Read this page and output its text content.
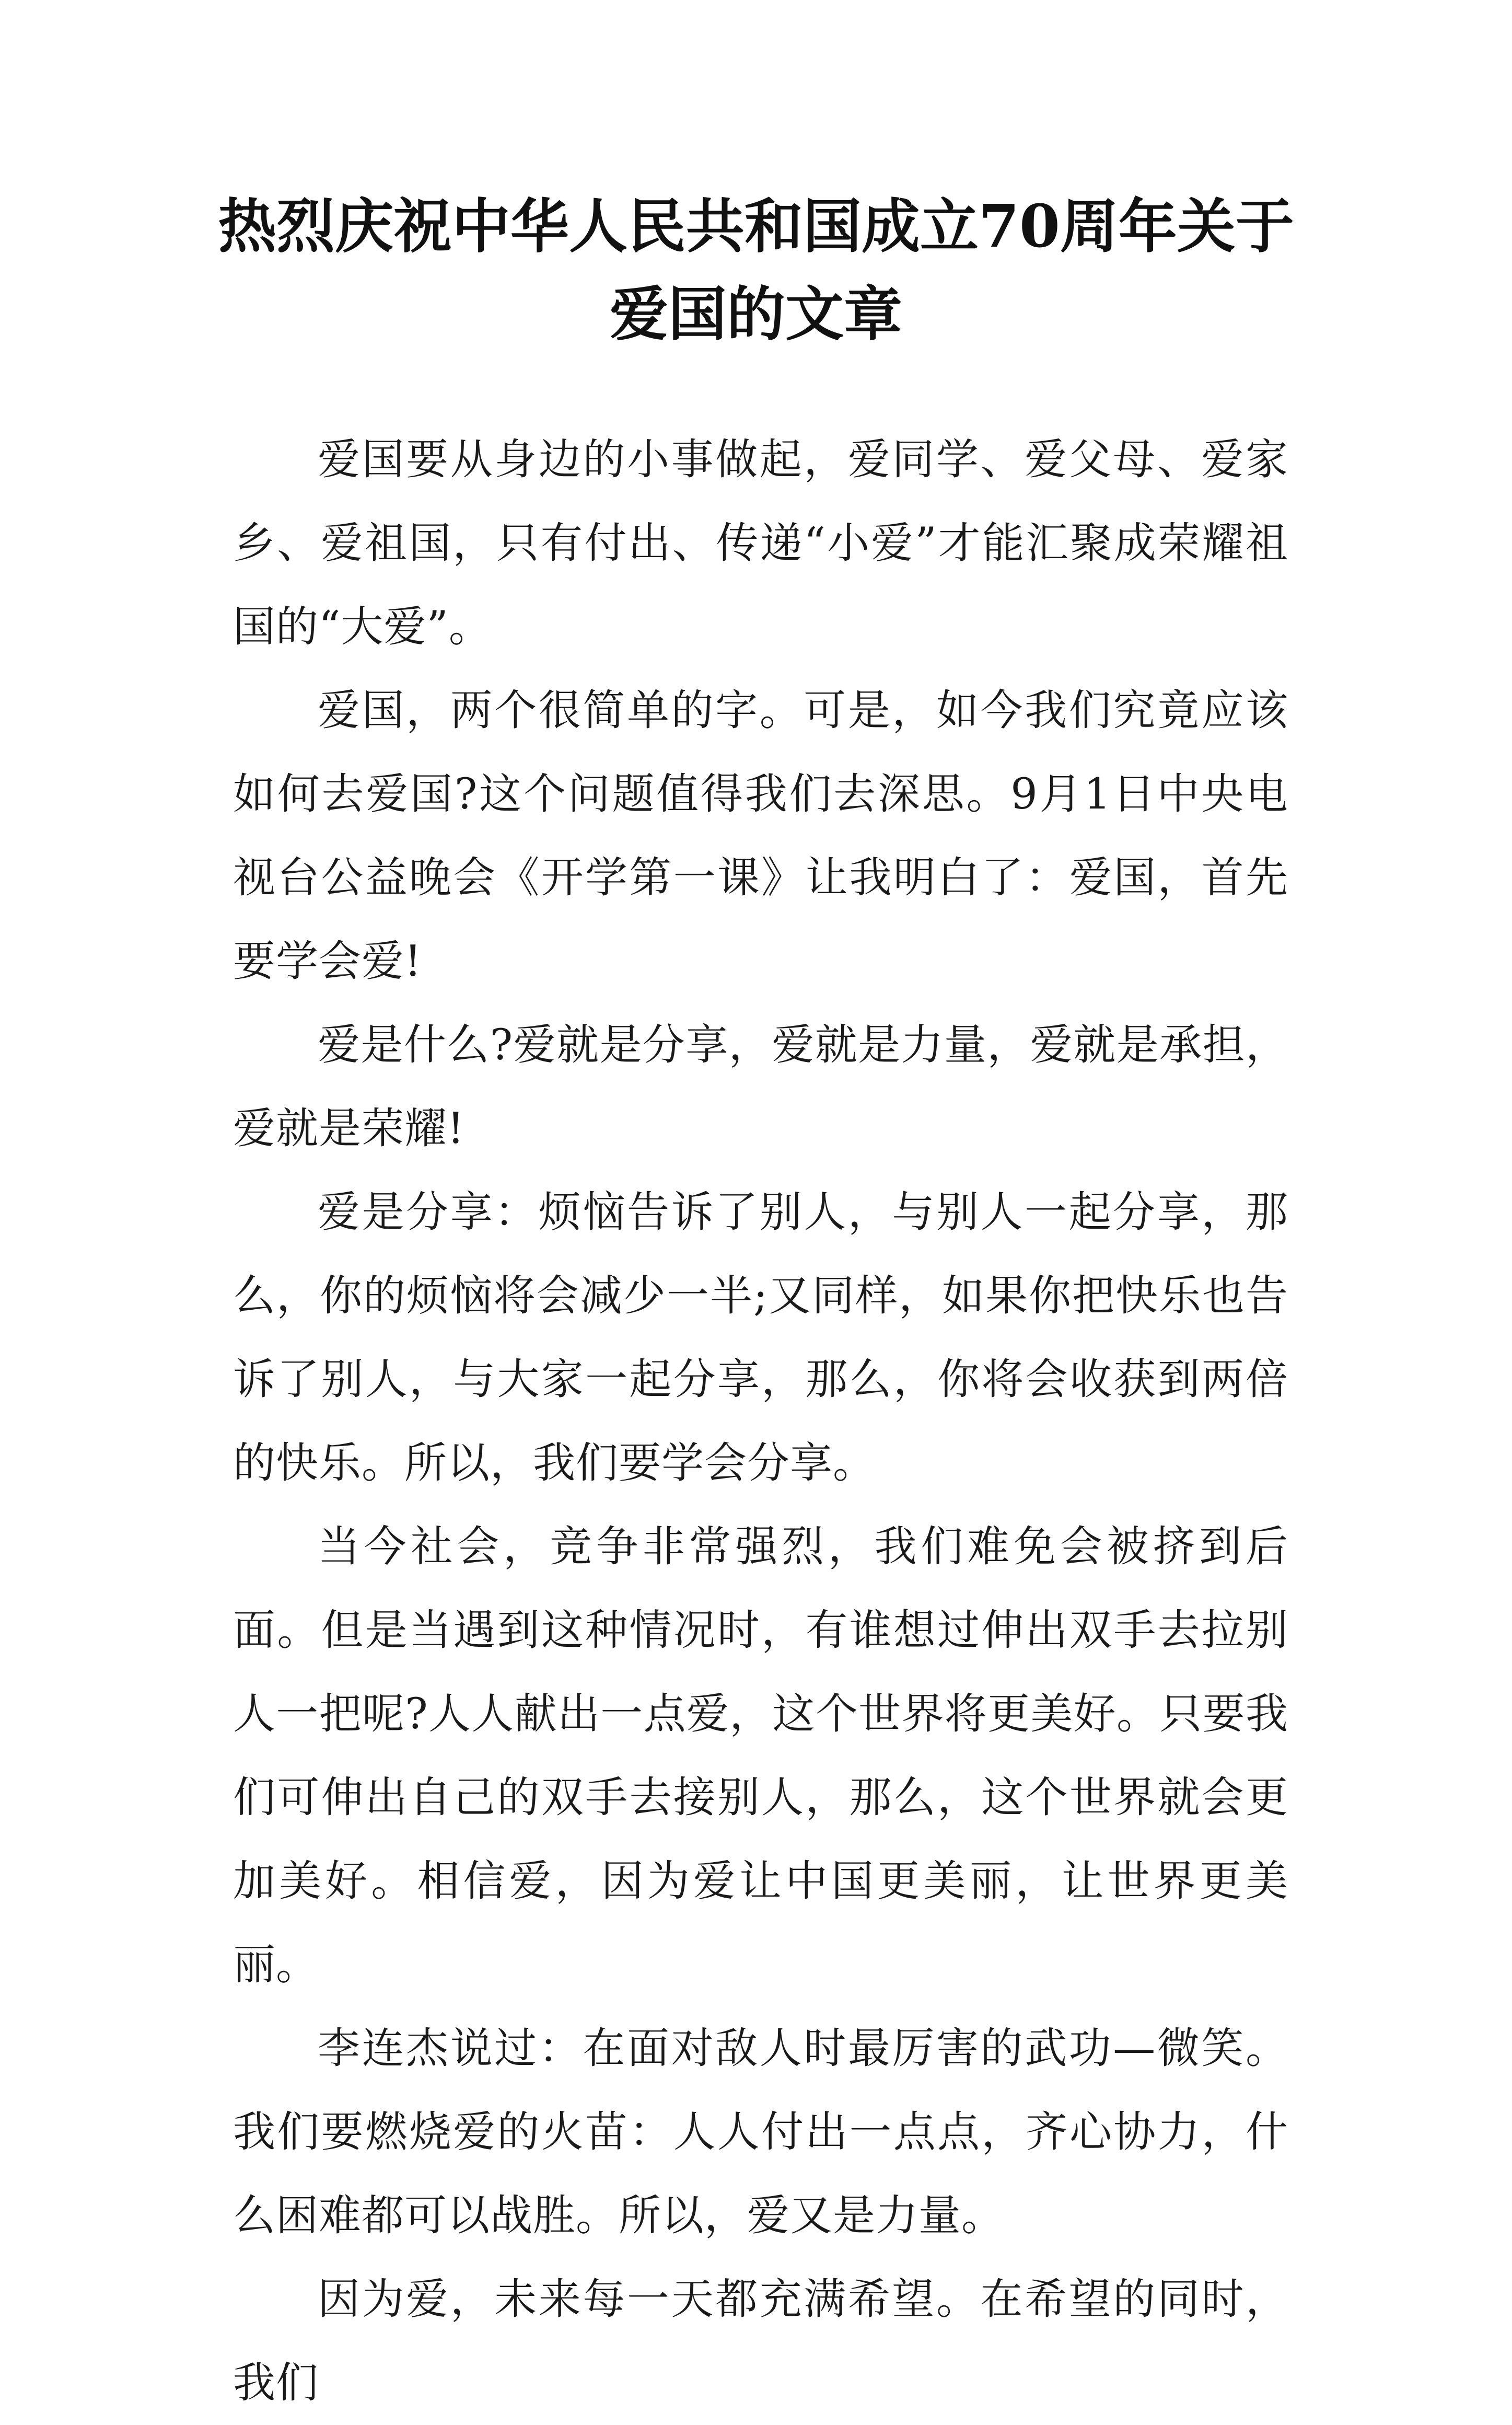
热烈庆祝中华人民共和国成立70周年关于
爱国的文章

爱国要从身边的小事做起，爱同学、爱父母、爱家乡、爱祖国，只有付出、传递“小爱”才能汇聚成荣耀祖国的“大爱”。

爱国，两个很简单的字。可是，如今我们究竟应该如何去爱国?这个问题值得我们去深思。9月1日中央电视台公益晚会《开学第一课》让我明白了：爱国，首先要学会爱!

爱是什么?爱就是分享，爱就是力量，爱就是承担，爱就是荣耀!

爱是分享：烦恼告诉了别人，与别人一起分享，那么，你的烦恼将会减少一半;又同样，如果你把快乐也告诉了别人，与大家一起分享，那么，你将会收获到两倍的快乐。所以，我们要学会分享。

当今社会，竞争非常强烈，我们难免会被挤到后面。但是当遇到这种情况时，有谁想过伸出双手去拉别人一把呢?人人献出一点爱，这个世界将更美好。只要我们可伸出自己的双手去接别人，那么，这个世界就会更加美好。相信爱，因为爱让中国更美丽，让世界更美丽。

李连杰说过：在面对敌人时最厉害的武功—微笑。我们要燃烧爱的火苗：人人付出一点点，齐心协力，什么困难都可以战胜。所以，爱又是力量。

因为爱，未来每一天都充满希望。在希望的同时，我们
